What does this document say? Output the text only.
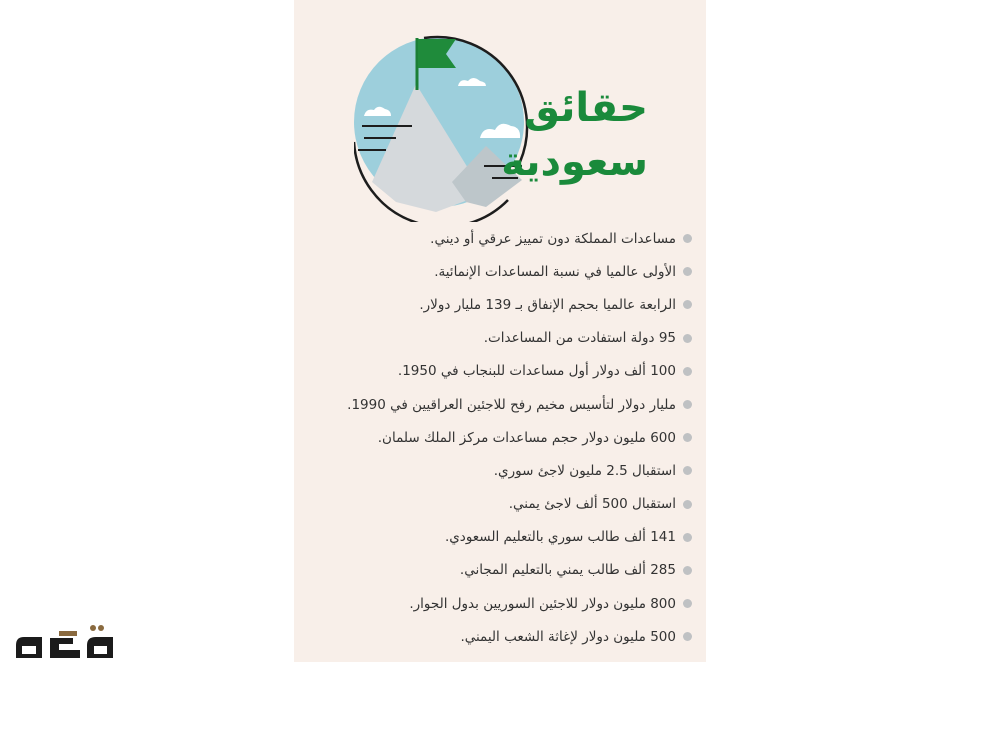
حقائق
سعودية
مساعدات المملكة دون تمييز عرقي أو ديني.
الأولى عالميا في نسبة المساعدات الإنمائية.
الرابعة عالميا بحجم الإنفاق بـ 139 مليار دولار.
95 دولة استفادت من المساعدات.
100 ألف دولار أول مساعدات للبنجاب في 1950.
مليار دولار لتأسيس مخيم رفح للاجئين العراقيين في 1990.
600 مليون دولار حجم مساعدات مركز الملك سلمان.
استقبال 2.5 مليون لاجئ سوري.
استقبال 500 ألف لاجئ يمني.
141 ألف طالب سوري بالتعليم السعودي.
285 ألف طالب يمني بالتعليم المجاني.
800 مليون دولار للاجئين السوريين بدول الجوار.
500 مليون دولار لإغاثة الشعب اليمني.
